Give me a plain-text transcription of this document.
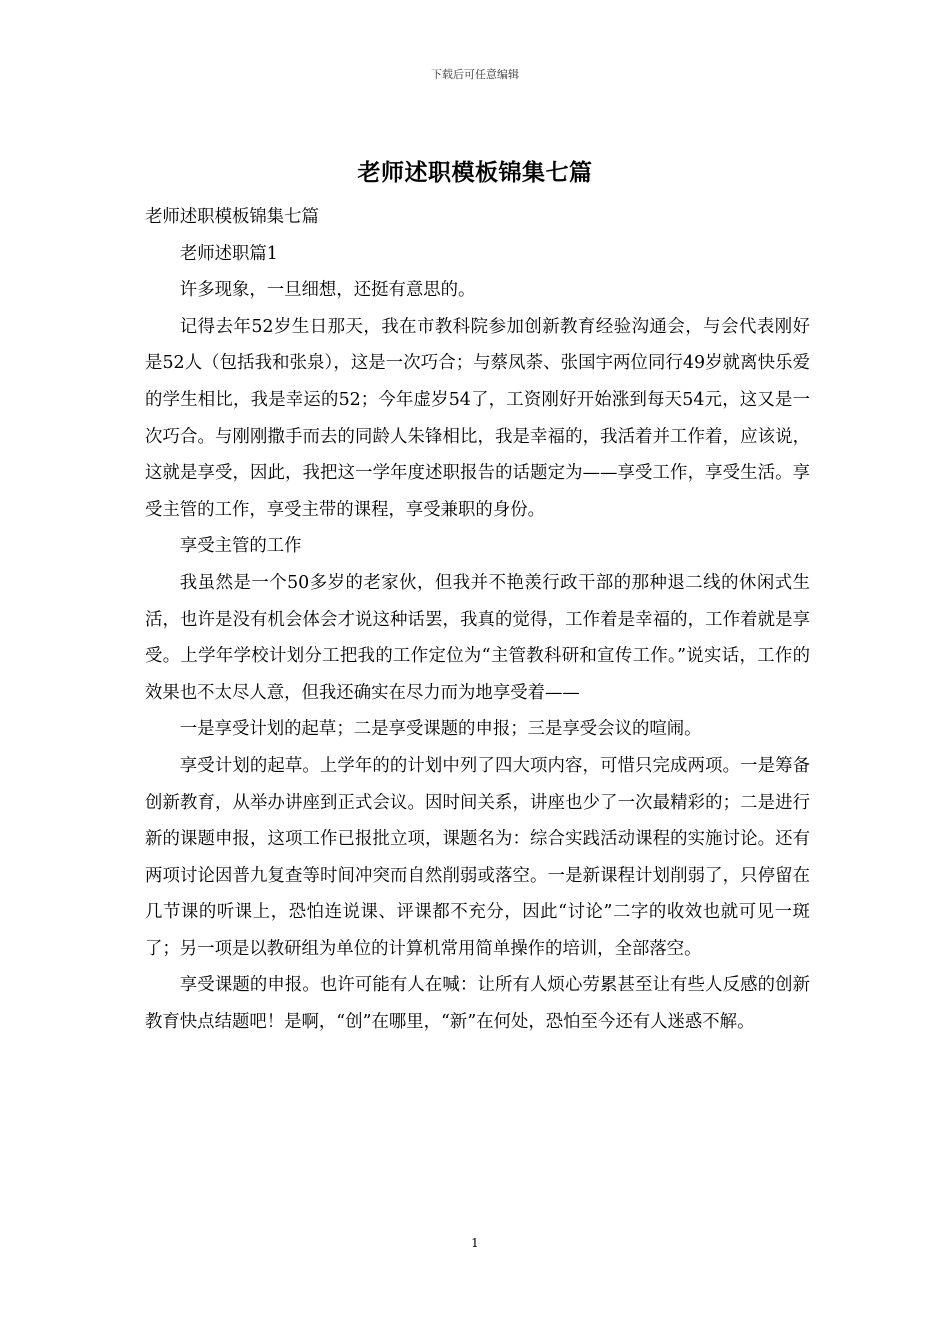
下载后可任意编辑
老师述职模板锦集七篇

老师述职模板锦集七篇

老师述职篇1

许多现象，一旦细想，还挺有意思的。

记得去年52岁生日那天，我在市教科院参加创新教育经验沟通会，与会代表刚好是52人（包括我和张泉），这是一次巧合；与蔡凤荼、张国宇两位同行49岁就离快乐爱的学生相比，我是幸运的52；今年虚岁54了，工资刚好开始涨到每天54元，这又是一次巧合。与刚刚撒手而去的同龄人朱锋相比，我是幸福的，我活着并工作着，应该说，这就是享受，因此，我把这一学年度述职报告的话题定为——享受工作，享受生活。享受主管的工作，享受主带的课程，享受兼职的身份。

享受主管的工作

我虽然是一个50多岁的老家伙，但我并不艳羡行政干部的那种退二线的休闲式生活，也许是没有机会体会才说这种话罢，我真的觉得，工作着是幸福的，工作着就是享受。上学年学校计划分工把我的工作定位为“主管教科研和宣传工作。”说实话，工作的效果也不太尽人意，但我还确实在尽力而为地享受着——

一是享受计划的起草；二是享受课题的申报；三是享受会议的喧闹。

享受计划的起草。上学年的的计划中列了四大项内容，可惜只完成两项。一是筹备创新教育，从举办讲座到正式会议。因时间关系，讲座也少了一次最精彩的；二是进行新的课题申报，这项工作已报批立项，课题名为：综合实践活动课程的实施讨论。还有两项讨论因普九复查等时间冲突而自然削弱或落空。一是新课程计划削弱了，只停留在几节课的听课上，恐怕连说课、评课都不充分，因此“讨论”二字的收效也就可见一斑了；另一项是以教研组为单位的计算机常用简单操作的培训，全部落空。

享受课题的申报。也许可能有人在喊：让所有人烦心劳累甚至让有些人反感的创新教育快点结题吧！是啊，“创”在哪里，“新”在何处，恐怕至今还有人迷惑不解。

1
